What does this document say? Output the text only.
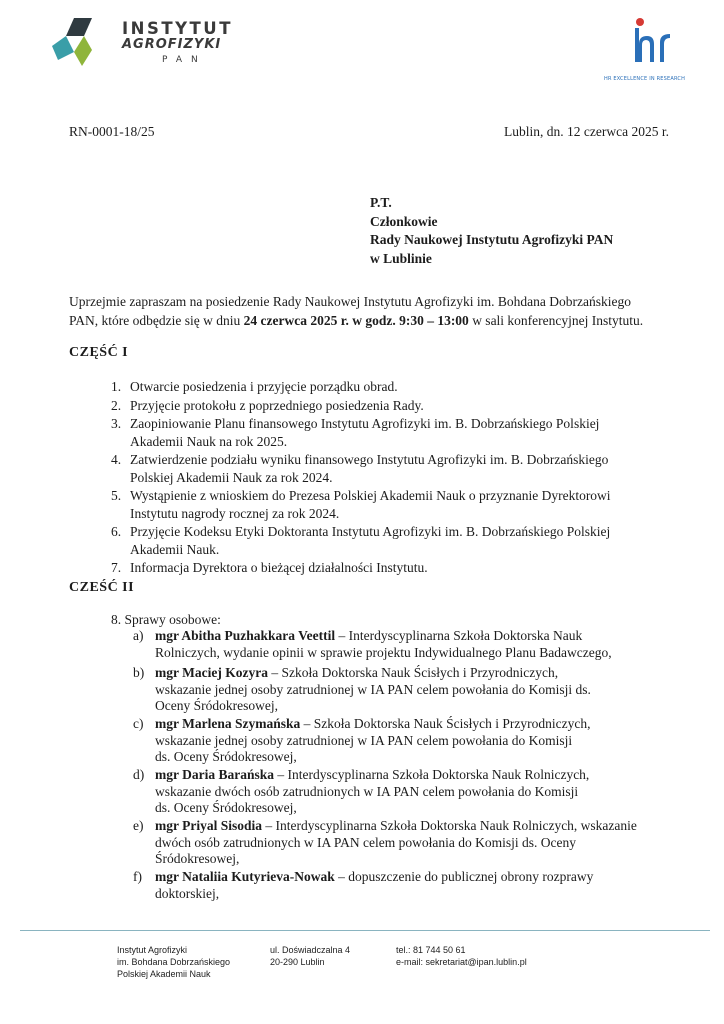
INSTYTUT
AGROFIZYKI
PAN
HR EXCELLENCE IN RESEARCH
RN-0001-18/25	Lublin, dn. 12 czerwca 2025 r.
P.T.
Członkowie
Rady Naukowej Instytutu Agrofizyki PAN
w Lublinie

Uprzejmie zapraszam na posiedzenie Rady Naukowej Instytutu Agrofizyki im. Bohdana Dobrzańskiego

PAN, które odbędzie się w dniu 24 czerwca 2025 r. w godz. 9:30 – 13:00 w sali konferencyjnej Instytutu.

CZĘŚĆ I
1. Otwarcie posiedzenia i przyjęcie porządku obrad.
2. Przyjęcie protokołu z poprzedniego posiedzenia Rady.
3. Zaopiniowanie Planu finansowego Instytutu Agrofizyki im. B. Dobrzańskiego Polskiej
Akademii Nauk na rok 2025.
4. Zatwierdzenie podziału wyniku finansowego Instytutu Agrofizyki im. B. Dobrzańskiego
Polskiej Akademii Nauk za rok 2024.
5. Wystąpienie z wnioskiem do Prezesa Polskiej Akademii Nauk o przyznanie Dyrektorowi
Instytutu nagrody rocznej za rok 2024.
6. Przyjęcie Kodeksu Etyki Doktoranta Instytutu Agrofizyki im. B. Dobrzańskiego Polskiej
Akademii Nauk.
7. Informacja Dyrektora o bieżącej działalności Instytutu.
CZEŚĆ II
8. Sprawy osobowe:
a) mgr Abitha Puzhakkara Veettil – Interdyscyplinarna Szkoła Doktorska Nauk
Rolniczych, wydanie opinii w sprawie projektu Indywidualnego Planu Badawczego,
b) mgr Maciej Kozyra – Szkoła Doktorska Nauk Ścisłych i Przyrodniczych,
wskazanie jednej osoby zatrudnionej w IA PAN celem powołania do Komisji ds.
Oceny Śródokresowej,
c) mgr Marlena Szymańska – Szkoła Doktorska Nauk Ścisłych i Przyrodniczych,
wskazanie jednej osoby zatrudnionej w IA PAN celem powołania do Komisji
ds. Oceny Śródokresowej,
d) mgr Daria Barańska – Interdyscyplinarna Szkoła Doktorska Nauk Rolniczych,
wskazanie dwóch osób zatrudnionych w IA PAN celem powołania do Komisji
ds. Oceny Śródokresowej,
e) mgr Priyal Sisodia – Interdyscyplinarna Szkoła Doktorska Nauk Rolniczych, wskazanie
dwóch osób zatrudnionych w IA PAN celem powołania do Komisji ds. Oceny
Śródokresowej,
f) mgr Nataliia Kutyrieva-Nowak – dopuszczenie do publicznej obrony rozprawy
doktorskiej,
Instytut Agrofizyki
im. Bohdana Dobrzańskiego
Polskiej Akademii Nauk
ul. Doświadczalna 4
20-290 Lublin
tel.: 81 744 50 61
e-mail: sekretariat@ipan.lublin.pl
